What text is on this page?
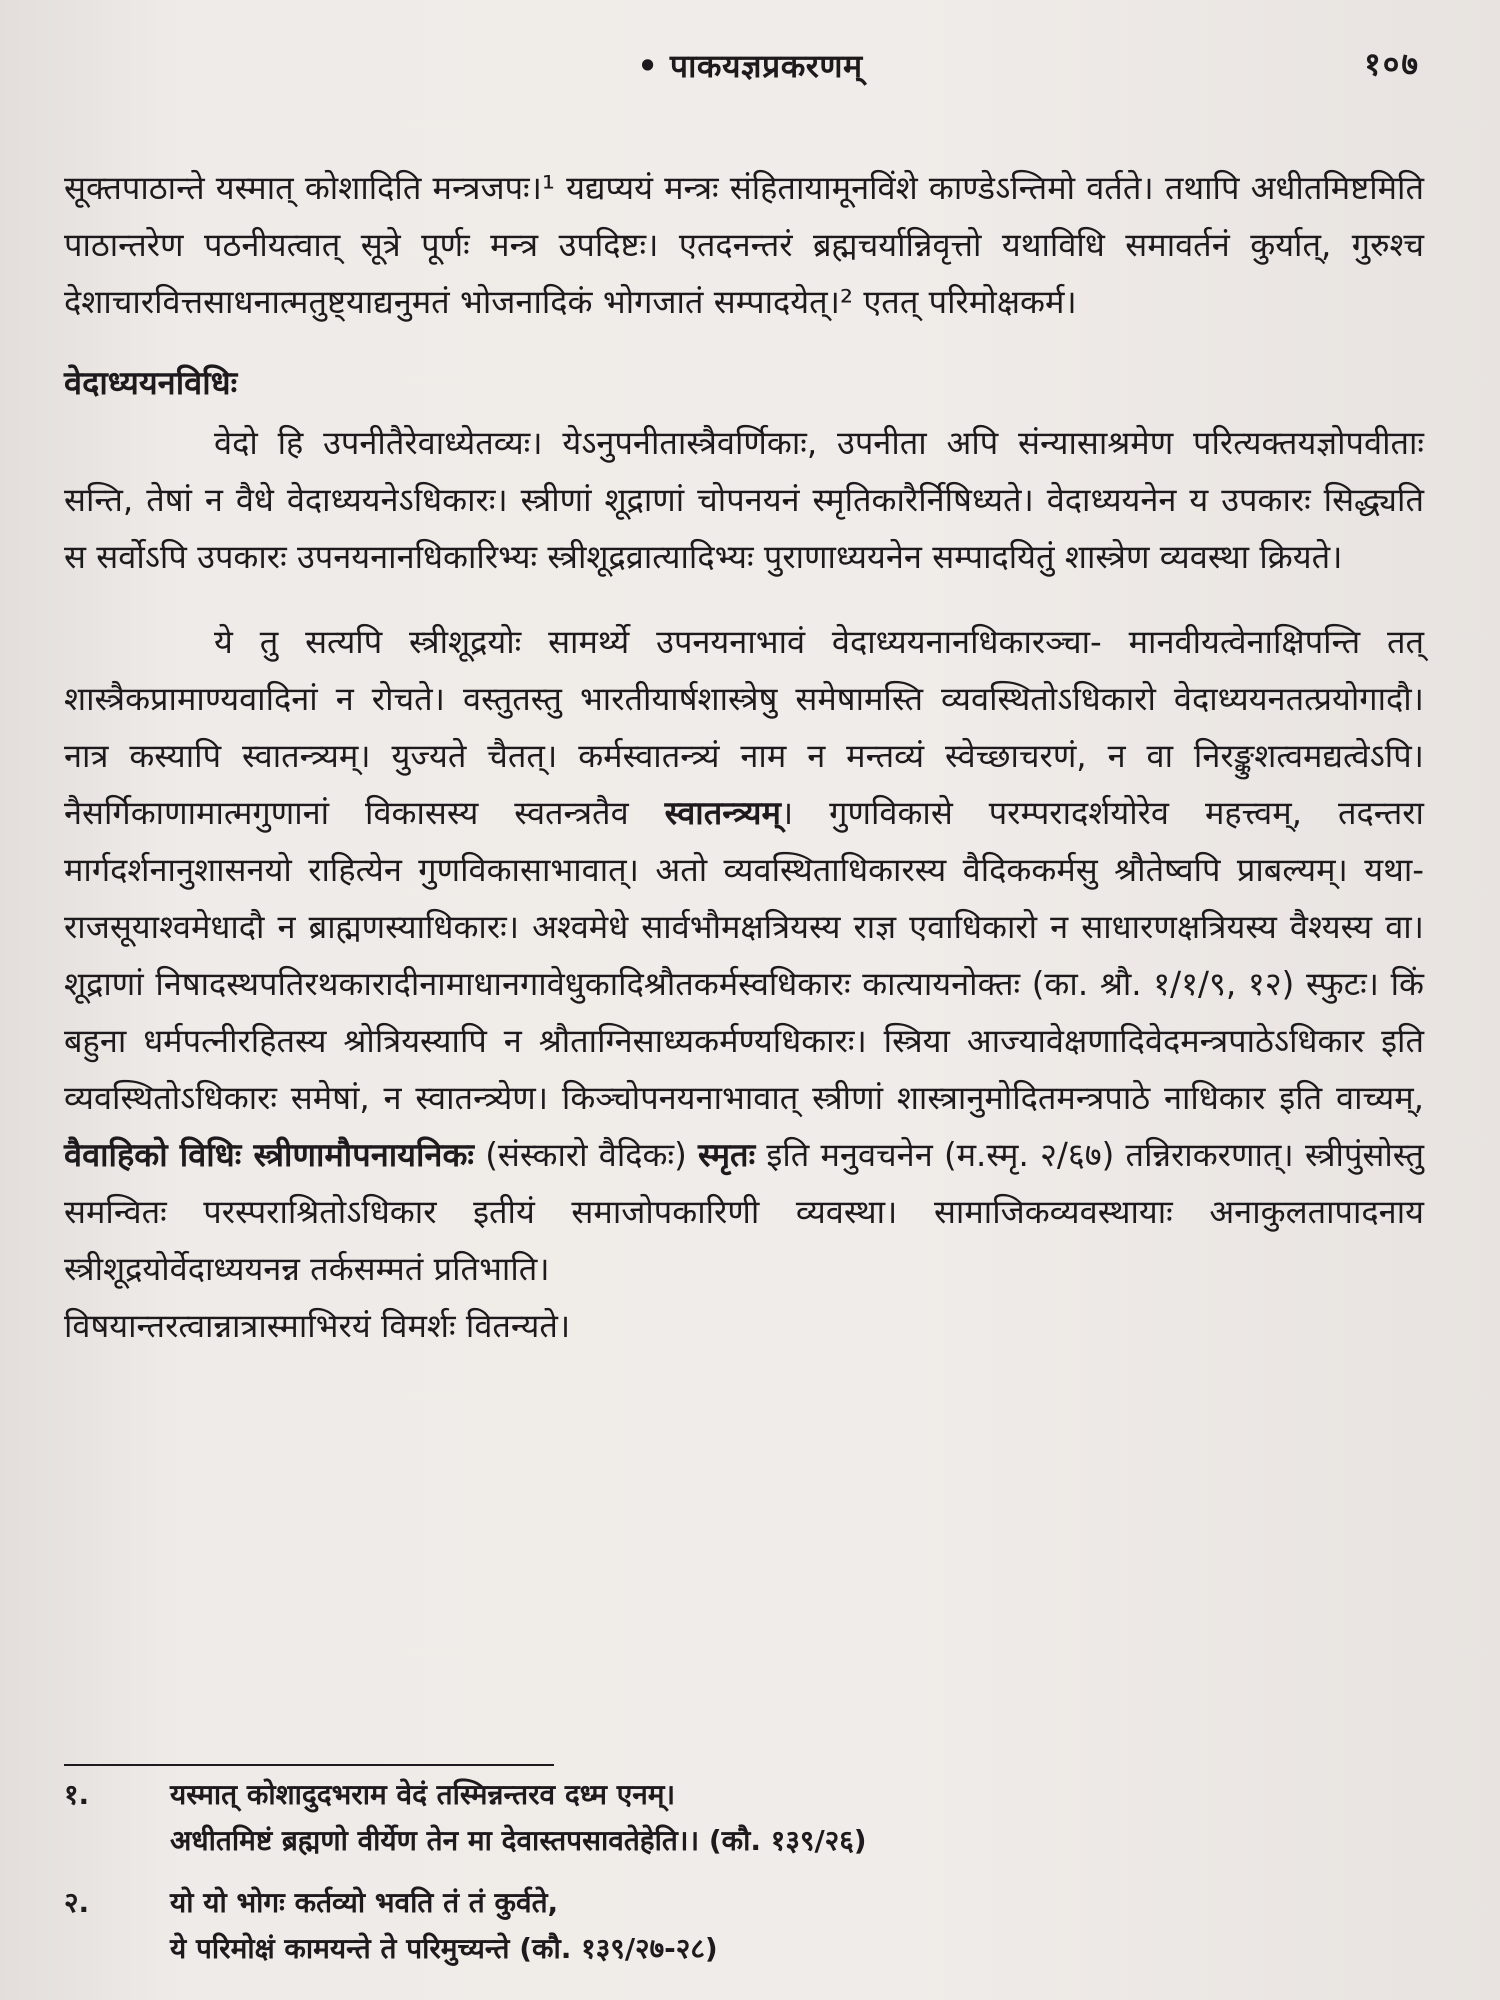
• पाकयज्ञप्रकरणम्	१०७

सूक्तपाठान्ते यस्मात् कोशादिति मन्त्रजपः।¹ यद्यप्ययं मन्त्रः संहितायामूनविंशे काण्डेऽन्तिमो वर्तते। तथापि अधीतमिष्टमिति पाठान्तरेण पठनीयत्वात् सूत्रे पूर्णः मन्त्र उपदिष्टः। एतदनन्तरं ब्रह्मचर्यान्निवृत्तो यथाविधि समावर्तनं कुर्यात्, गुरुश्च देशाचारवित्तसाधनात्मतुष्ट्याद्यनुमतं भोजनादिकं भोगजातं सम्पादयेत्।² एतत् परिमोक्षकर्म।

वेदाध्ययनविधिः

वेदो हि उपनीतैरेवाध्येतव्यः। येऽनुपनीतास्त्रैवर्णिकाः, उपनीता अपि संन्यासाश्रमेण परित्यक्तयज्ञोपवीताः सन्ति, तेषां न वैधे वेदाध्ययनेऽधिकारः। स्त्रीणां शूद्राणां चोपनयनं स्मृतिकारैर्निषिध्यते। वेदाध्ययनेन य उपकारः सिद्ध्यति स सर्वोऽपि उपकारः उपनयनानधिकारिभ्यः स्त्रीशूद्रव्रात्यादिभ्यः पुराणाध्ययनेन सम्पादयितुं शास्त्रेण व्यवस्था क्रियते।

ये तु सत्यपि स्त्रीशूद्रयोः सामर्थ्ये उपनयनाभावं वेदाध्ययनानधिकारञ्चा- मानवीयत्वेनाक्षिपन्ति तत् शास्त्रैकप्रामाण्यवादिनां न रोचते। वस्तुतस्तु भारतीयार्षशास्त्रेषु समेषामस्ति व्यवस्थितोऽधिकारो वेदाध्ययनतत्प्रयोगादौ। नात्र कस्यापि स्वातन्त्र्यम्। युज्यते चैतत्। कर्मस्वातन्त्र्यं नाम न मन्तव्यं स्वेच्छाचरणं, न वा निरङ्कुशत्वमद्यत्वेऽपि। नैसर्गिकाणामात्मगुणानां विकासस्य स्वतन्त्रतैव स्वातन्त्र्यम्। गुणविकासे परम्परादर्शयोरेव महत्त्वम्, तदन्तरा मार्गदर्शनानुशासनयो राहित्येन गुणविकासाभावात्। अतो व्यवस्थिताधिकारस्य वैदिककर्मसु श्रौतेष्वपि प्राबल्यम्। यथा- राजसूयाश्वमेधादौ न ब्राह्मणस्याधिकारः। अश्वमेधे सार्वभौमक्षत्रियस्य राज्ञ एवाधिकारो न साधारणक्षत्रियस्य वैश्यस्य वा। शूद्राणां निषादस्थपतिरथकारादीनामाधानगावेधुकादिश्रौतकर्मस्वधिकारः कात्यायनोक्तः (का. श्रौ. १/१/९, १२) स्फुटः। किं बहुना धर्मपत्नीरहितस्य श्रोत्रियस्यापि न श्रौताग्निसाध्यकर्मण्यधिकारः। स्त्रिया आज्यावेक्षणादिवेदमन्त्रपाठेऽधिकार इति व्यवस्थितोऽधिकारः समेषां, न स्वातन्त्र्येण। किञ्चोपनयनाभावात् स्त्रीणां शास्त्रानुमोदितमन्त्रपाठे नाधिकार इति वाच्यम्, वैवाहिको विधिः स्त्रीणामौपनायनिकः (संस्कारो वैदिकः) स्मृतः इति मनुवचनेन (म.स्मृ. २/६७) तन्निराकरणात्। स्त्रीपुंसोस्तु समन्वितः परस्पराश्रितोऽधिकार इतीयं समाजोपकारिणी व्यवस्था। सामाजिकव्यवस्थायाः अनाकुलतापादनाय स्त्रीशूद्रयोर्वेदाध्ययनन्न तर्कसम्मतं प्रतिभाति।

विषयान्तरत्वान्नात्रास्माभिरयं विमर्शः वितन्यते।
१.	यस्मात् कोशादुदभराम वेदं तस्मिन्नन्तरव दध्म एनम्।
अधीतमिष्टं ब्रह्मणो वीर्येण तेन मा देवास्तपसावतेहेति।। (कौ. १३९/२६)
२.	यो यो भोगः कर्तव्यो भवति तं तं कुर्वते,
ये परिमोक्षं कामयन्ते ते परिमुच्यन्ते (कौ. १३९/२७-२८)
